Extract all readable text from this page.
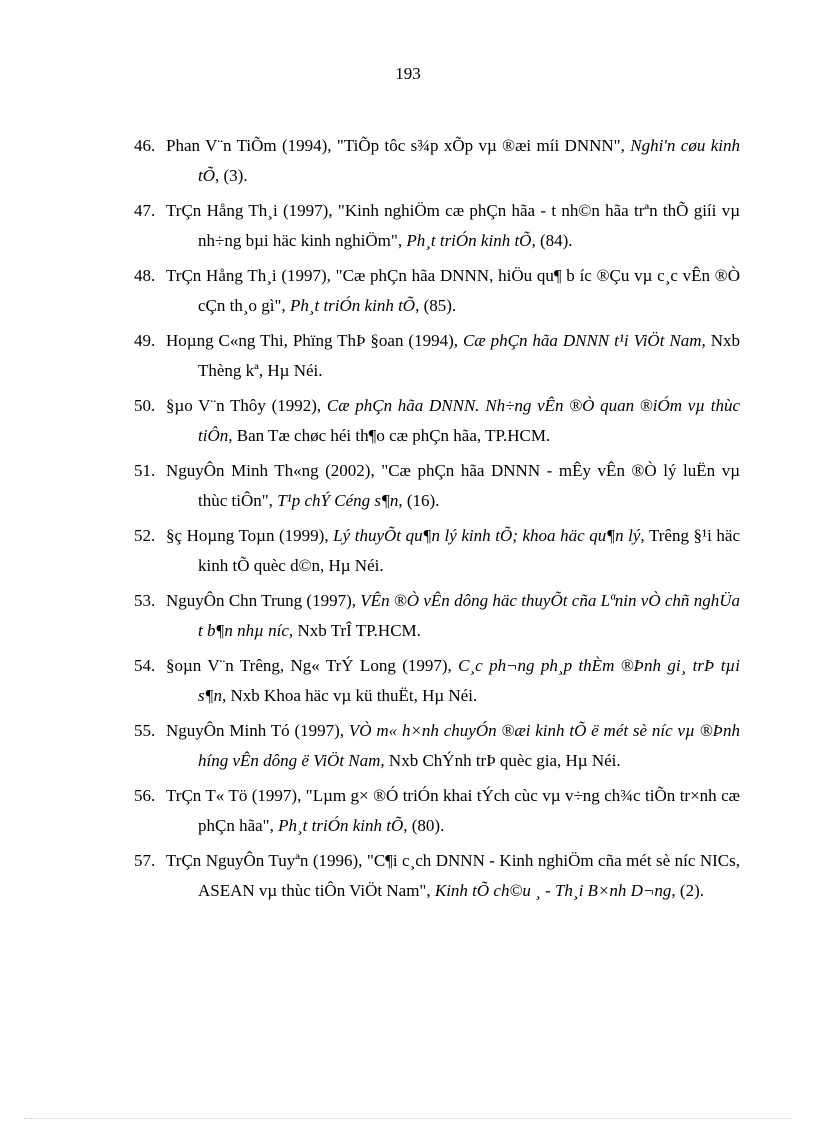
193
46. Phan V¨n TiÕm (1994), "TiÕp tôc s¾p xÕp vµ ®æi míi DNNN", Nghi'n cøu kinh tÕ, (3).
47. TrÇn Hång Th¸i (1997), "Kinh nghiÖm cæ phÇn hãa - t nh©n hãa trªn thÕ giíi vµ nh÷ng bµi häc kinh nghiÖm", Ph¸t triÓn kinh tÕ, (84).
48. TrÇn Hång Th¸i (1997), "Cæ phÇn hãa DNNN, hiÖu qu¶ b íc ®Çu vµ c¸c vÊn ®Ò cÇn th¸o gì", Ph¸t triÓn kinh tÕ, (85).
49. Hoµng C«ng Thi, Phïng ThÞ §oan (1994), Cæ phÇn hãa DNNN t¹i ViÖt Nam, Nxb Thèng kª, Hµ Néi.
50. §µo V¨n Thôy (1992), Cæ phÇn hãa DNNN. Nh÷ng vÊn ®Ò quan ®iÓm vµ thùc tiÔn, Ban Tæ chøc héi th¶o cæ phÇn hãa, TP.HCM.
51. NguyÔn Minh Th«ng (2002), "Cæ phÇn hãa DNNN - mÊy vÊn ®Ò lý luËn vµ thùc tiÔn", T¹p chÝ Céng s¶n, (16).
52. §ç Hoµng Toµn (1999), Lý thuyÕt qu¶n lý kinh tÕ; khoa häc qu¶n lý, Trêng §¹i häc kinh tÕ quèc d©n, Hµ Néi.
53. NguyÔn Chn Trung (1997), VÊn ®Ò vÊn dông häc thuyÕt cña Lªnin vÒ chñ nghÜa t b¶n nhµ níc, Nxb TrÎ TP.HCM.
54. §oµn V¨n Trêng, Ng« TrÝ Long (1997), C¸c ph¬ng ph¸p thÈm ®Þnh gi¸ trÞ tµi s¶n, Nxb Khoa häc vµ kü thuËt, Hµ Néi.
55. NguyÔn Minh Tó (1997), VÒ m« h×nh chuyÓn ®æi kinh tÕ ë mét sè níc vµ ®Þnh híng vÊn dông ë ViÖt Nam, Nxb ChÝnh trÞ quèc gia, Hµ Néi.
56. TrÇn T« Tö (1997), "Lµm g× ®Ó triÓn khai tÝch cùc vµ v÷ng ch¾c tiÕn tr×nh cæ phÇn hãa", Ph¸t triÓn kinh tÕ, (80).
57. TrÇn NguyÔn Tuyªn (1996), "C¶i c¸ch DNNN - Kinh nghiÖm cña mét sè níc NICs, ASEAN vµ thùc tiÔn ViÖt Nam", Kinh tÕ ch©u ¸ - Th¸i B×nh D¬ng, (2).
